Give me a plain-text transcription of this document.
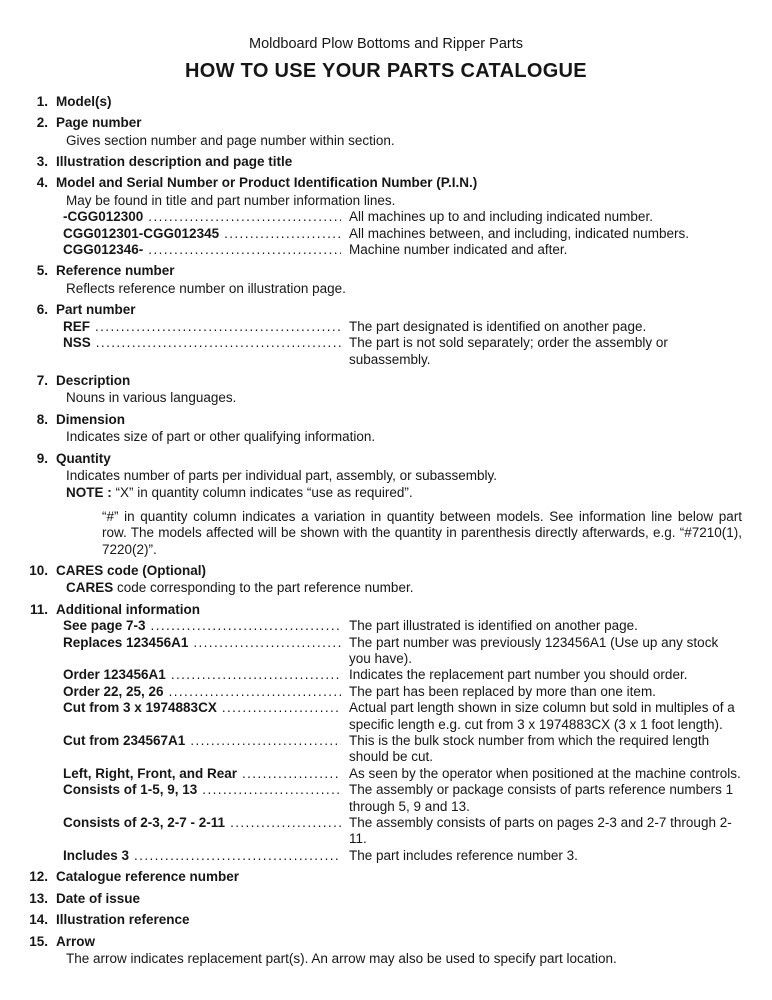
Moldboard Plow Bottoms and Ripper Parts
HOW TO USE YOUR PARTS CATALOGUE
1. Model(s)
2. Page number
Gives section number and page number within section.
3. Illustration description and page title
4. Model and Serial Number or Product Identification Number (P.I.N.)
May be found in title and part number information lines.
-CGG012300 .....	All machines up to and including indicated number.
CGG012301-CGG012345 .....	All machines between, and including, indicated numbers.
CGG012346- .....	Machine number indicated and after.
5. Reference number
Reflects reference number on illustration page.
6. Part number
REF .....	The part designated is identified on another page.
NSS .....	The part is not sold separately; order the assembly or subassembly.
7. Description
Nouns in various languages.
8. Dimension
Indicates size of part or other qualifying information.
9. Quantity
Indicates number of parts per individual part, assembly, or subassembly.
NOTE : “X” in quantity column indicates “use as required”.
“#” in quantity column indicates a variation in quantity between models. See information line below part row. The models affected will be shown with the quantity in parenthesis directly afterwards, e.g. “#7210(1), 7220(2)”.
10. CARES code (Optional)
CARES code corresponding to the part reference number.
11. Additional information
See page 7-3 .....	The part illustrated is identified on another page.
Replaces 123456A1 .....	The part number was previously 123456A1 (Use up any stock you have).
Order 123456A1 .....	Indicates the replacement part number you should order.
Order 22, 25, 26 .....	The part has been replaced by more than one item.
Cut from 3 x 1974883CX .....	Actual part length shown in size column but sold in multiples of a specific length e.g. cut from 3 x 1974883CX (3 x 1 foot length).
Cut from 234567A1 .....	This is the bulk stock number from which the required length should be cut.
Left, Right, Front, and Rear .....	As seen by the operator when positioned at the machine controls.
Consists of 1-5, 9, 13 .....	The assembly or package consists of parts reference numbers 1 through 5, 9 and 13.
Consists of 2-3, 2-7 - 2-11 .....	The assembly consists of parts on pages 2-3 and 2-7 through 2-11.
Includes 3 .....	The part includes reference number 3.
12. Catalogue reference number
13. Date of issue
14. Illustration reference
15. Arrow
The arrow indicates replacement part(s). An arrow may also be used to specify part location.
